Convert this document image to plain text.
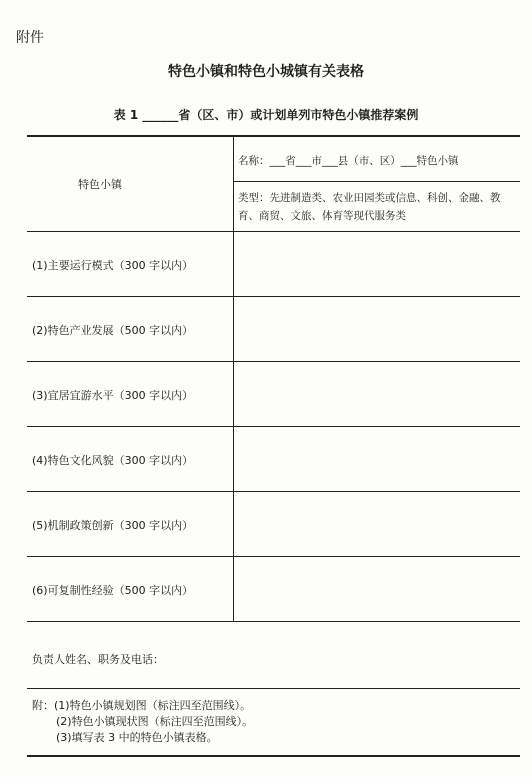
附件
特色小镇和特色小城镇有关表格
表 1 ______省（区、市）或计划单列市特色小镇推荐案例
特色小镇
名称：___省___市___县（市、区）___特色小镇
类型：先进制造类、农业田园类或信息、科创、金融、教育、商贸、文旅、体育等现代服务类
(1)主要运行模式（300 字以内）
(2)特色产业发展（500 字以内）
(3)宜居宜游水平（300 字以内）
(4)特色文化风貌（300 字以内）
(5)机制政策创新（300 字以内）
(6)可复制性经验（500 字以内）
负责人姓名、职务及电话：
附：(1)特色小镇规划图（标注四至范围线）。
(2)特色小镇现状图（标注四至范围线）。
(3)填写表 3 中的特色小镇表格。
